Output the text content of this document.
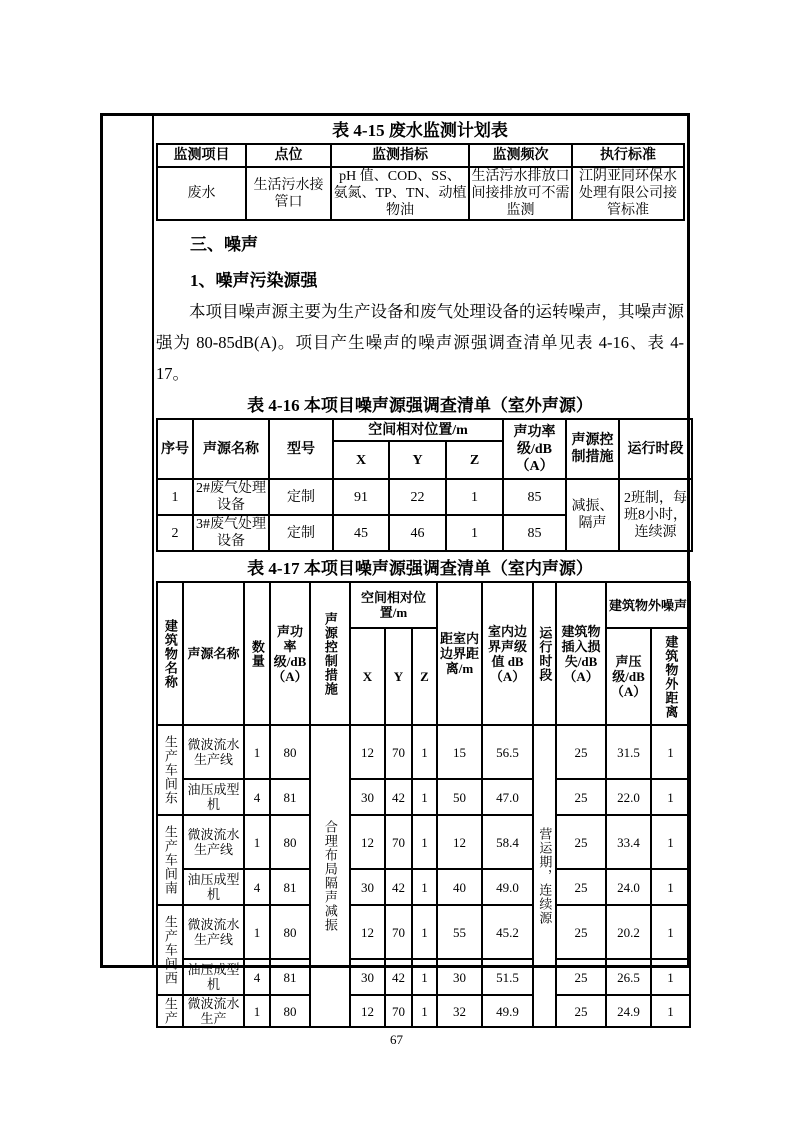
表 4-15 废水监测计划表
监测项目	点位	监测指标	监测频次	执行标准
废水	生活污水接管口	pH 值、COD、SS、氨氮、TP、TN、动植物油	生活污水排放口间接排放可不需监测	江阴亚同环保水处理有限公司接管标准
三、噪声
1、噪声污染源强
本项目噪声源主要为生产设备和废气处理设备的运转噪声，其噪声源强为 80-85dB(A)。项目产生噪声的噪声源强调查清单见表 4-16、表 4-17。
表 4-16 本项目噪声源强调查清单（室外声源）
序号	声源名称	型号	空间相对位置/m			声功率级/dB（A）	声源控制措施	运行时段
			X	Y	Z			
1	2#废气处理设备	定制	91	22	1	85	减振、隔声	2班制，每班8小时，连续源
2	3#废气处理设备	定制	45	46	1	85		
表 4-17 本项目噪声源强调查清单（室内声源）
建筑物名称	声源名称	数量	声功率级/dB（A）	声源控制措施	空间相对位置/m			距室内边界距离/m	室内边界声级值 dB（A）	运行时段	建筑物插入损失/dB（A）	建筑物外噪声	
					X	Y	Z					声压级/dB（A）	建筑物外距离
生产车间东	微波流水生产线	1	80	合理布局隔声减振	12	70	1	15	56.5	营运期，连续源	25	31.5	1
	油压成型机	4	81		30	42	1	50	47.0		25	22.0	1
生产车间南	微波流水生产线	1	80		12	70	1	12	58.4		25	33.4	1
	油压成型机	4	81		30	42	1	40	49.0		25	24.0	1
生产车间西	微波流水生产线	1	80		12	70	1	55	45.2		25	20.2	1
	油压成型机	4	81		30	42	1	30	51.5		25	26.5	1
生产	微波流水生产	1	80		12	70	1	32	49.9		25	24.9	1
67
